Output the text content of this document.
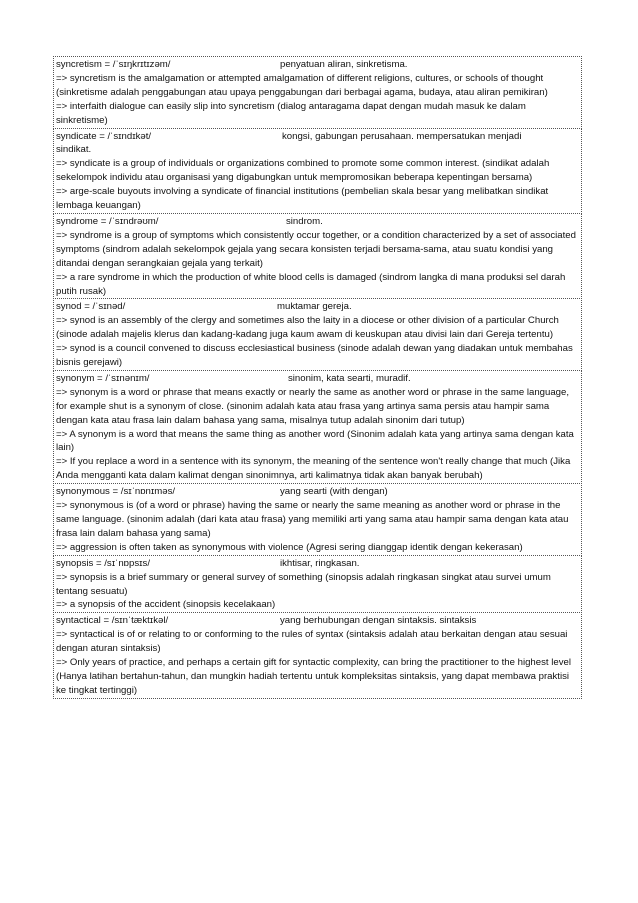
syncretism = /ˈsɪŋkrɪtɪzəm/	penyatuan aliran, sinkretisma.
=> syncretism is the amalgamation or attempted amalgamation of different religions, cultures, or schools of thought (sinkretisme adalah penggabungan atau upaya penggabungan dari berbagai agama, budaya, atau aliran pemikiran)
=> interfaith dialogue can easily slip into syncretism (dialog antaragama dapat dengan mudah masuk ke dalam sinkretisme)
syndicate = /ˈsɪndɪkət/	kongsi, gabungan perusahaan. mempersatukan menjadi
sindikat.
=> syndicate is a group of individuals or organizations combined to promote some common interest. (sindikat adalah sekelompok individu atau organisasi yang digabungkan untuk mempromosikan beberapa kepentingan bersama)
=> arge-scale buyouts involving a syndicate of financial institutions (pembelian skala besar yang melibatkan sindikat lembaga keuangan)
syndrome = /ˈsɪndrəʊm/	sindrom.
=> syndrome is a group of symptoms which consistently occur together, or a condition characterized by a set of associated symptoms (sindrom adalah sekelompok gejala yang secara konsisten terjadi bersama-sama, atau suatu kondisi yang ditandai dengan serangkaian gejala yang terkait)
=> a rare syndrome in which the production of white blood cells is damaged (sindrom langka di mana produksi sel darah putih rusak)
synod = /ˈsɪnəd/	muktamar gereja.
=> synod is an assembly of the clergy and sometimes also the laity in a diocese or other division of a particular Church (sinode adalah majelis klerus dan kadang-kadang juga kaum awam di keuskupan atau divisi lain dari Gereja tertentu)
=> synod is a council convened to discuss ecclesiastical business (sinode adalah dewan yang diadakan untuk membahas bisnis gerejawi)
synonym = /ˈsɪnənɪm/	sinonim, kata searti, muradif.
=> synonym is a word or phrase that means exactly or nearly the same as another word or phrase in the same language, for example shut is a synonym of close. (sinonim adalah kata atau frasa yang artinya sama persis atau hampir sama dengan kata atau frasa lain dalam bahasa yang sama, misalnya tutup adalah sinonim dari tutup)
=> A synonym is a word that means the same thing as another word (Sinonim adalah kata yang artinya sama dengan kata lain)
=> If you replace a word in a sentence with its synonym, the meaning of the sentence won't really change that much (Jika Anda mengganti kata dalam kalimat dengan sinonimnya, arti kalimatnya tidak akan banyak berubah)
synonymous = /sɪˈnɒnɪməs/	yang searti (with dengan)
=> synonymous is (of a word or phrase) having the same or nearly the same meaning as another word or phrase in the same language. (sinonim adalah (dari kata atau frasa) yang memiliki arti yang sama atau hampir sama dengan kata atau frasa lain dalam bahasa yang sama)
=> aggression is often taken as synonymous with violence (Agresi sering dianggap identik dengan kekerasan)
synopsis = /sɪˈnɒpsɪs/	ikhtisar, ringkasan.
=> synopsis is a brief summary or general survey of something (sinopsis adalah ringkasan singkat atau survei umum tentang sesuatu)
=> a synopsis of the accident (sinopsis kecelakaan)
syntactical = /sɪnˈtæktɪkəl/	yang berhubungan dengan sintaksis. sintaksis
=> syntactical is of or relating to or conforming to the rules of syntax (sintaksis adalah atau berkaitan dengan atau sesuai dengan aturan sintaksis)
=> Only years of practice, and perhaps a certain gift for syntactic complexity, can bring the practitioner to the highest level (Hanya latihan bertahun-tahun, dan mungkin hadiah tertentu untuk kompleksitas sintaksis, yang dapat membawa praktisi ke tingkat tertinggi)
